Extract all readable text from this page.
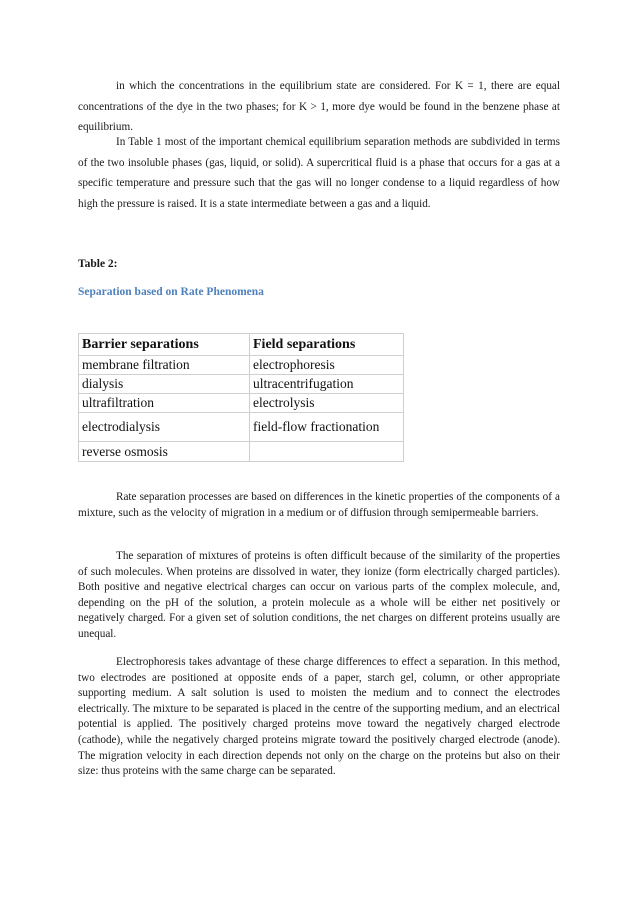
in which the concentrations in the equilibrium state are considered. For K = 1, there are equal concentrations of the dye in the two phases; for K > 1, more dye would be found in the benzene phase at equilibrium.

In Table 1 most of the important chemical equilibrium separation methods are subdivided in terms of the two insoluble phases (gas, liquid, or solid). A supercritical fluid is a phase that occurs for a gas at a specific temperature and pressure such that the gas will no longer condense to a liquid regardless of how high the pressure is raised. It is a state intermediate between a gas and a liquid.

Table 2:
Separation based on Rate Phenomena
Barrier separations	Field separations
membrane filtration	electrophoresis
dialysis	ultracentrifugation
ultrafiltration	electrolysis
electrodialysis	field-flow fractionation
reverse osmosis	

Rate separation processes are based on differences in the kinetic properties of the components of a mixture, such as the velocity of migration in a medium or of diffusion through semipermeable barriers.

The separation of mixtures of proteins is often difficult because of the similarity of the properties of such molecules. When proteins are dissolved in water, they ionize (form electrically charged particles). Both positive and negative electrical charges can occur on various parts of the complex molecule, and, depending on the pH of the solution, a protein molecule as a whole will be either net positively or negatively charged. For a given set of solution conditions, the net charges on different proteins usually are unequal.

Electrophoresis takes advantage of these charge differences to effect a separation. In this method, two electrodes are positioned at opposite ends of a paper, starch gel, column, or other appropriate supporting medium. A salt solution is used to moisten the medium and to connect the electrodes electrically. The mixture to be separated is placed in the centre of the supporting medium, and an electrical potential is applied. The positively charged proteins move toward the negatively charged electrode (cathode), while the negatively charged proteins migrate toward the positively charged electrode (anode). The migration velocity in each direction depends not only on the charge on the proteins but also on their size: thus proteins with the same charge can be separated.
